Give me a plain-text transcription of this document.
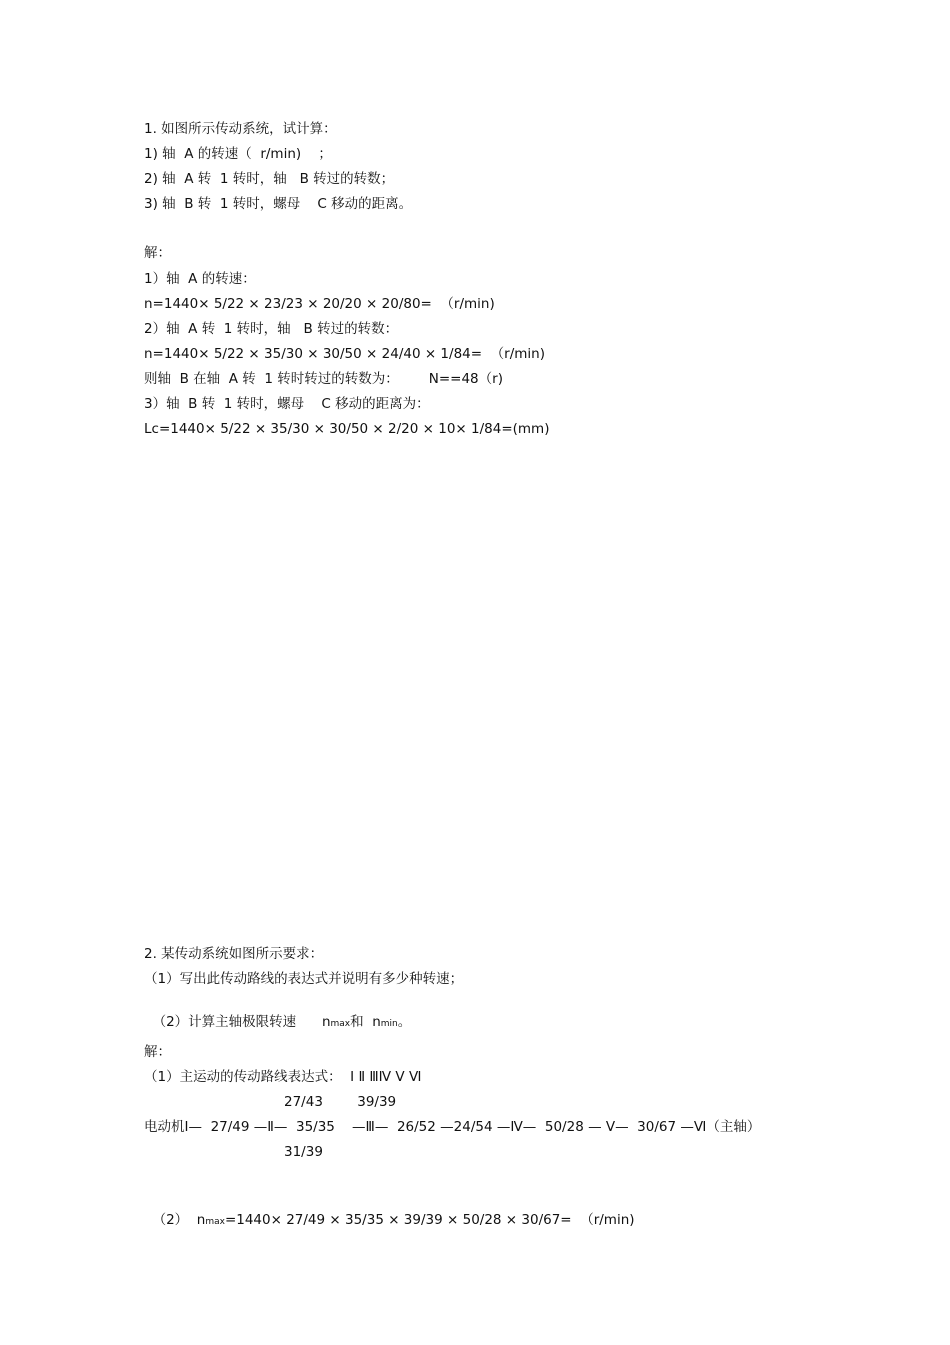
1. 如图所示传动系统，试计算：
1) 轴  A 的转速（  r/min)    ；
2) 轴  A 转  1 转时，轴   B 转过的转数；
3) 轴  B 转  1 转时，螺母    C 移动的距离。
解：
1）轴  A 的转速：
n=1440× 5/22 × 23/23 × 20/20 × 20/80=  （r/min)
2）轴  A 转  1 转时，轴   B 转过的转数：
n=1440× 5/22 × 35/30 × 30/50 × 24/40 × 1/84=  （r/min)
则轴  B 在轴  A 转  1 转时转过的转数为：       N==48（r)
3）轴  B 转  1 转时，螺母    C 移动的距离为：
Lc=1440× 5/22 × 35/30 × 30/50 × 2/20 × 10× 1/84=(mm)
2. 某传动系统如图所示要求：
（1）写出此传动路线的表达式并说明有多少种转速；

（2）计算主轴极限转速      nmax和  nmin。

解：
（1）主运动的传动路线表达式：  Ⅰ Ⅱ ⅢⅣ Ⅴ Ⅵ
27/43        39/39
电动机Ⅰ—  27/49 —Ⅱ—  35/35    —Ⅲ—  26/52 —24/54 —Ⅳ—  50/28 — Ⅴ—  30/67 —Ⅵ（主轴）
31/39

（2）  nmax=1440× 27/49 × 35/35 × 39/39 × 50/28 × 30/67=  （r/min)
